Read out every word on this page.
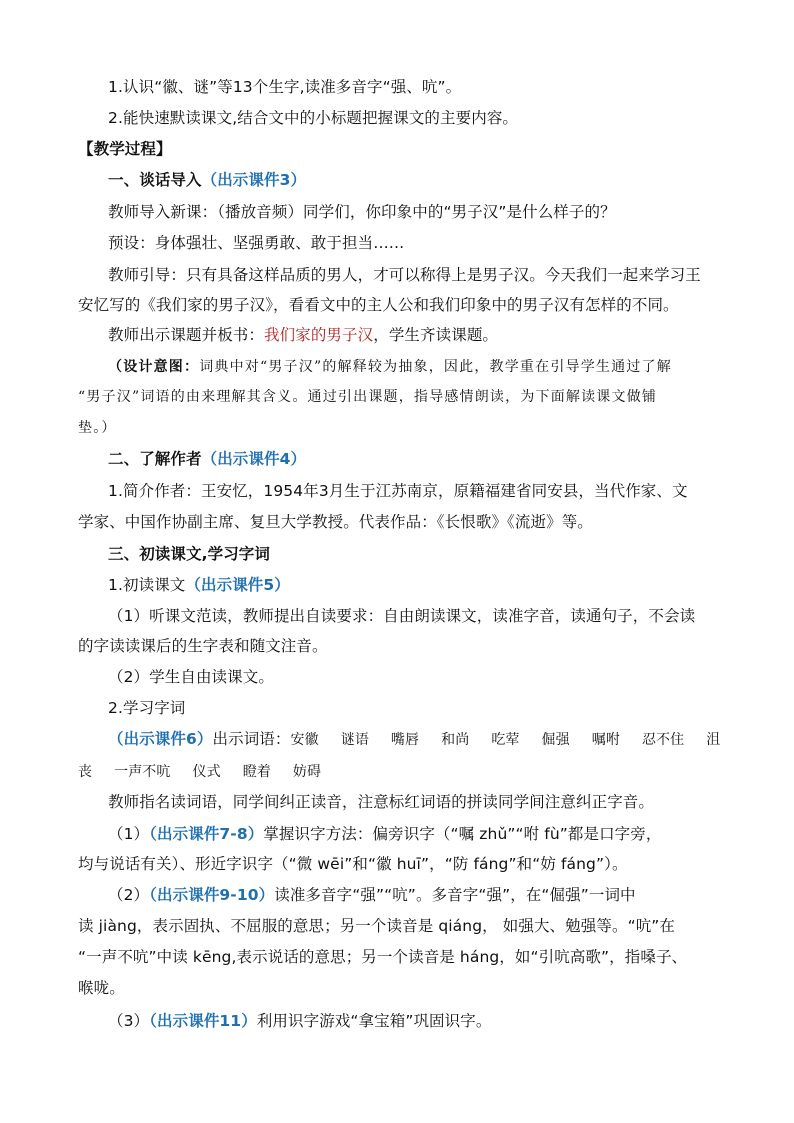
1.认识“徽、谜”等13个生字,读准多音字“强、吭”。
2.能快速默读课文,结合文中的小标题把握课文的主要内容。
【教学过程】
一、谈话导入（出示课件3）
教师导入新课：（播放音频）同学们，你印象中的“男子汉”是什么样子的？
预设：身体强壮、坚强勇敢、敢于担当……
教师引导：只有具备这样品质的男人，才可以称得上是男子汉。今天我们一起来学习王
安忆写的《我们家的男子汉》，看看文中的主人公和我们印象中的男子汉有怎样的不同。
教师出示课题并板书：我们家的男子汉，学生齐读课题。
（设计意图：词典中对“男子汉”的解释较为抽象，因此，教学重在引导学生通过了解
“男子汉”词语的由来理解其含义。通过引出课题，指导感情朗读，为下面解读课文做铺
垫。）
二、了解作者（出示课件4）
1.简介作者：王安忆，1954年3月生于江苏南京，原籍福建省同安县，当代作家、文
学家、中国作协副主席、复旦大学教授。代表作品：《长恨歌》《流逝》等。
三、初读课文,学习字词
1.初读课文（出示课件5）
（1）听课文范读，教师提出自读要求：自由朗读课文，读准字音，读通句子，不会读
的字读读课后的生字表和随文注音。
（2）学生自由读课文。
2.学习字词
（出示课件6）出示词语：安徽 谜语 嘴唇 和尚 吃荤 倔强 嘱咐 忍不住 沮
丧 一声不吭 仪式 瞪着 妨碍
教师指名读词语，同学间纠正读音，注意标红词语的拼读同学间注意纠正字音。
（1）（出示课件7-8）掌握识字方法：偏旁识字（“嘱 zhǔ”“咐 fù”都是口字旁，
均与说话有关）、形近字识字（“微 wēi”和“徽 huī”，“防 fáng”和“妨 fáng”）。
（2）（出示课件9-10）读准多音字“强”“吭”。多音字“强”，在“倔强”一词中
读 jiàng，表示固执、不屈服的意思；另一个读音是 qiáng， 如强大、勉强等。“吭”在
“一声不吭”中读 kēng,表示说话的意思；另一个读音是 háng，如“引吭高歌”，指嗓子、
喉咙。
（3）（出示课件11）利用识字游戏“拿宝箱”巩固识字。
